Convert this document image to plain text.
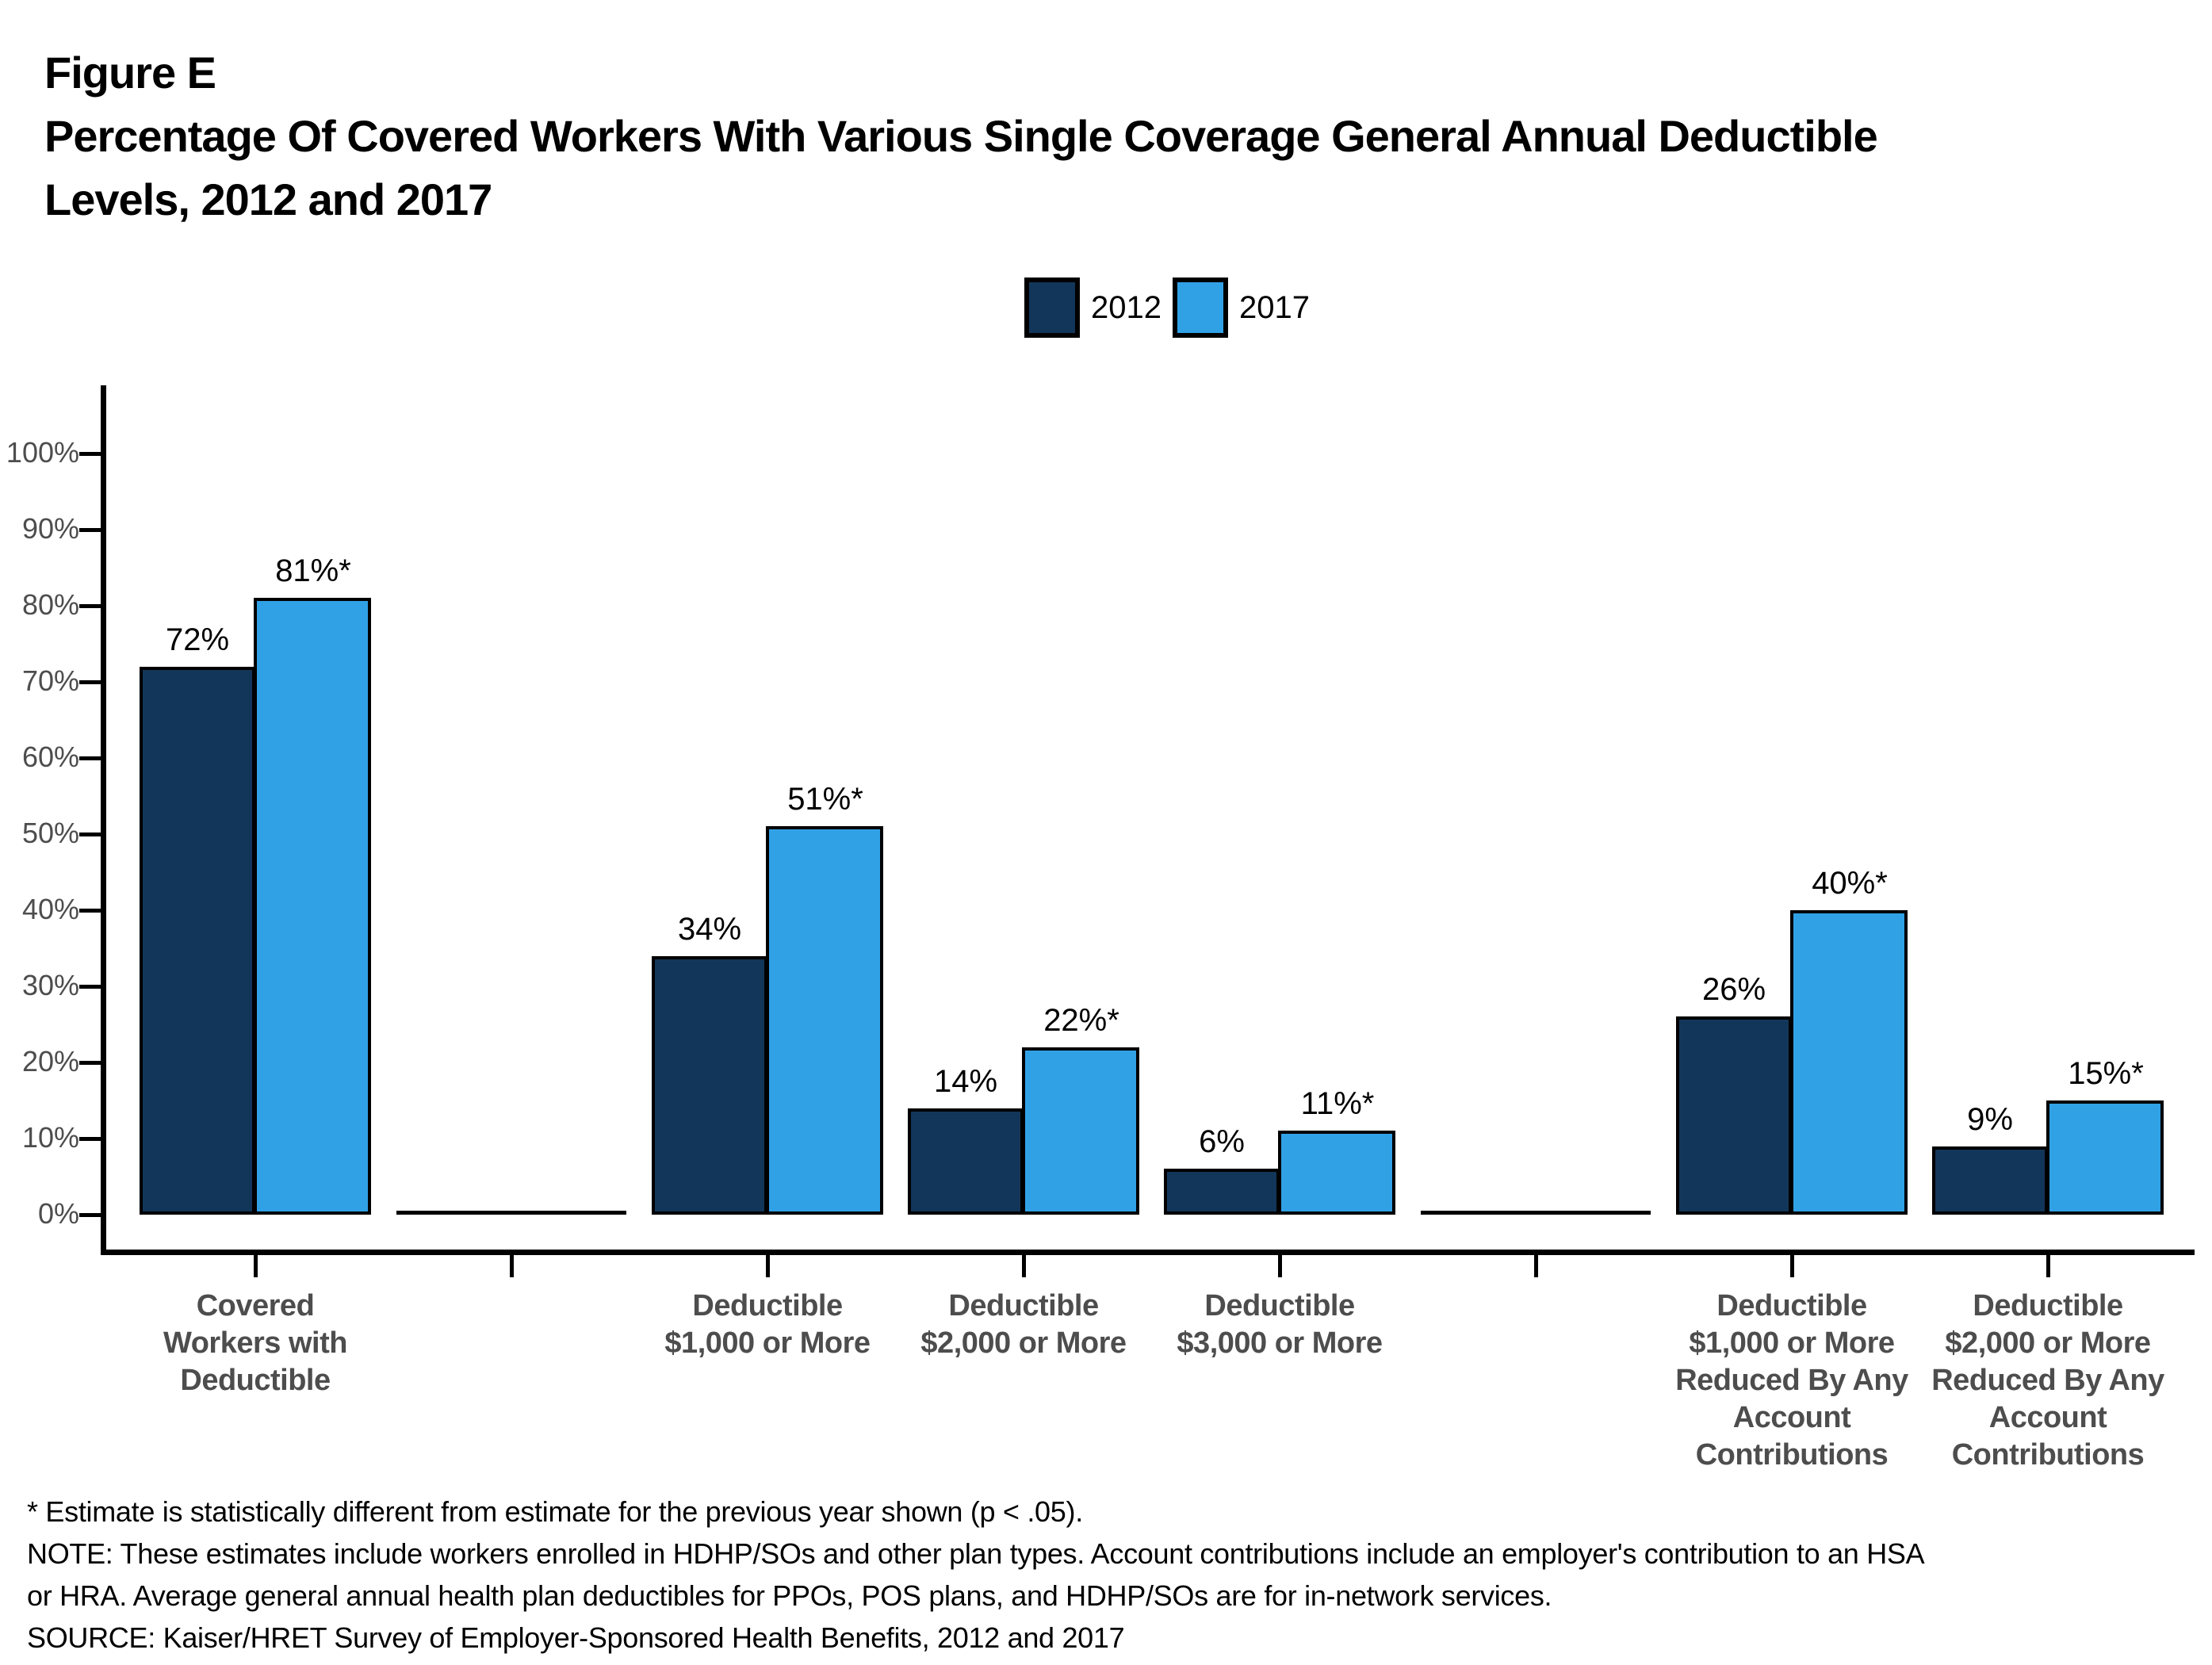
Figure E
Percentage Of Covered Workers With Various Single Coverage General Annual Deductible
Levels, 2012 and 2017
2012 2017
0%
10%
20%
30%
40%
50%
60%
70%
80%
90%
100%
72%
81%*
Covered
Workers with
Deductible
34%
51%*
Deductible
$1,000 or More
14%
22%*
Deductible
$2,000 or More
6%
11%*
Deductible
$3,000 or More
26%
40%*
Deductible
$1,000 or More
Reduced By Any
Account
Contributions
9%
15%*
Deductible
$2,000 or More
Reduced By Any
Account
Contributions
* Estimate is statistically different from estimate for the previous year shown (p < .05).
NOTE: These estimates include workers enrolled in HDHP/SOs and other plan types. Account contributions include an employer's contribution to an HSA
or HRA. Average general annual health plan deductibles for PPOs, POS plans, and HDHP/SOs are for in-network services.
SOURCE: Kaiser/HRET Survey of Employer-Sponsored Health Benefits, 2012 and 2017
